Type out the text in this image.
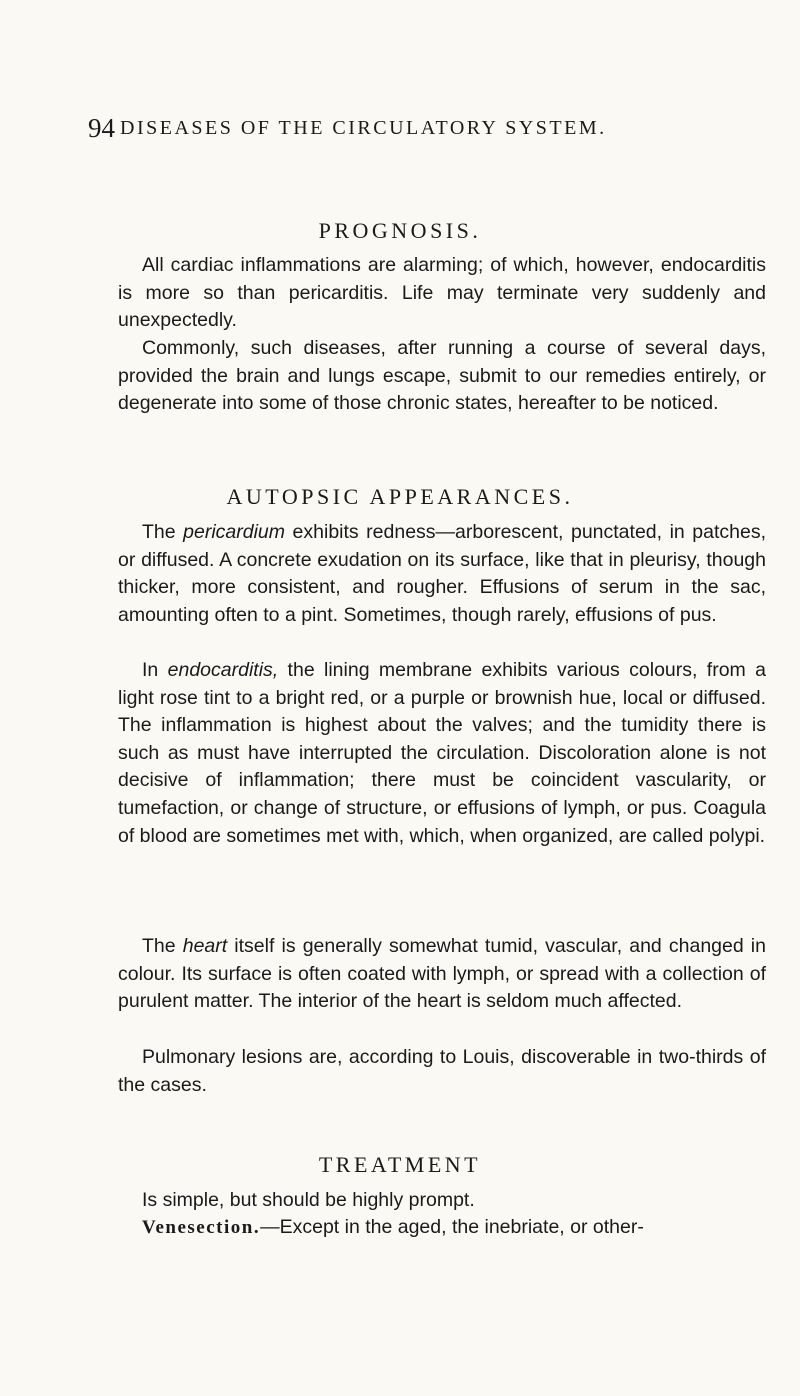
94 DISEASES OF THE CIRCULATORY SYSTEM.
PROGNOSIS.

All cardiac inflammations are alarming; of which, however, endocarditis is more so than pericarditis. Life may terminate very suddenly and unexpectedly.

Commonly, such diseases, after running a course of several days, provided the brain and lungs escape, submit to our remedies entirely, or degenerate into some of those chronic states, hereafter to be noticed.

AUTOPSIC APPEARANCES.

The pericardium exhibits redness—arborescent, punctated, in patches, or diffused. A concrete exudation on its surface, like that in pleurisy, though thicker, more consistent, and rougher. Effusions of serum in the sac, amounting often to a pint. Sometimes, though rarely, effusions of pus.

In endocarditis, the lining membrane exhibits various colours, from a light rose tint to a bright red, or a purple or brownish hue, local or diffused. The inflammation is highest about the valves; and the tumidity there is such as must have interrupted the circulation. Discoloration alone is not decisive of inflammation; there must be coincident vascularity, or tumefaction, or change of structure, or effusions of lymph, or pus. Coagula of blood are sometimes met with, which, when organized, are called polypi.

The heart itself is generally somewhat tumid, vascular, and changed in colour. Its surface is often coated with lymph, or spread with a collection of purulent matter. The interior of the heart is seldom much affected.

Pulmonary lesions are, according to Louis, discoverable in two-thirds of the cases.

TREATMENT

Is simple, but should be highly prompt.

Venesection.—Except in the aged, the inebriate, or other-
